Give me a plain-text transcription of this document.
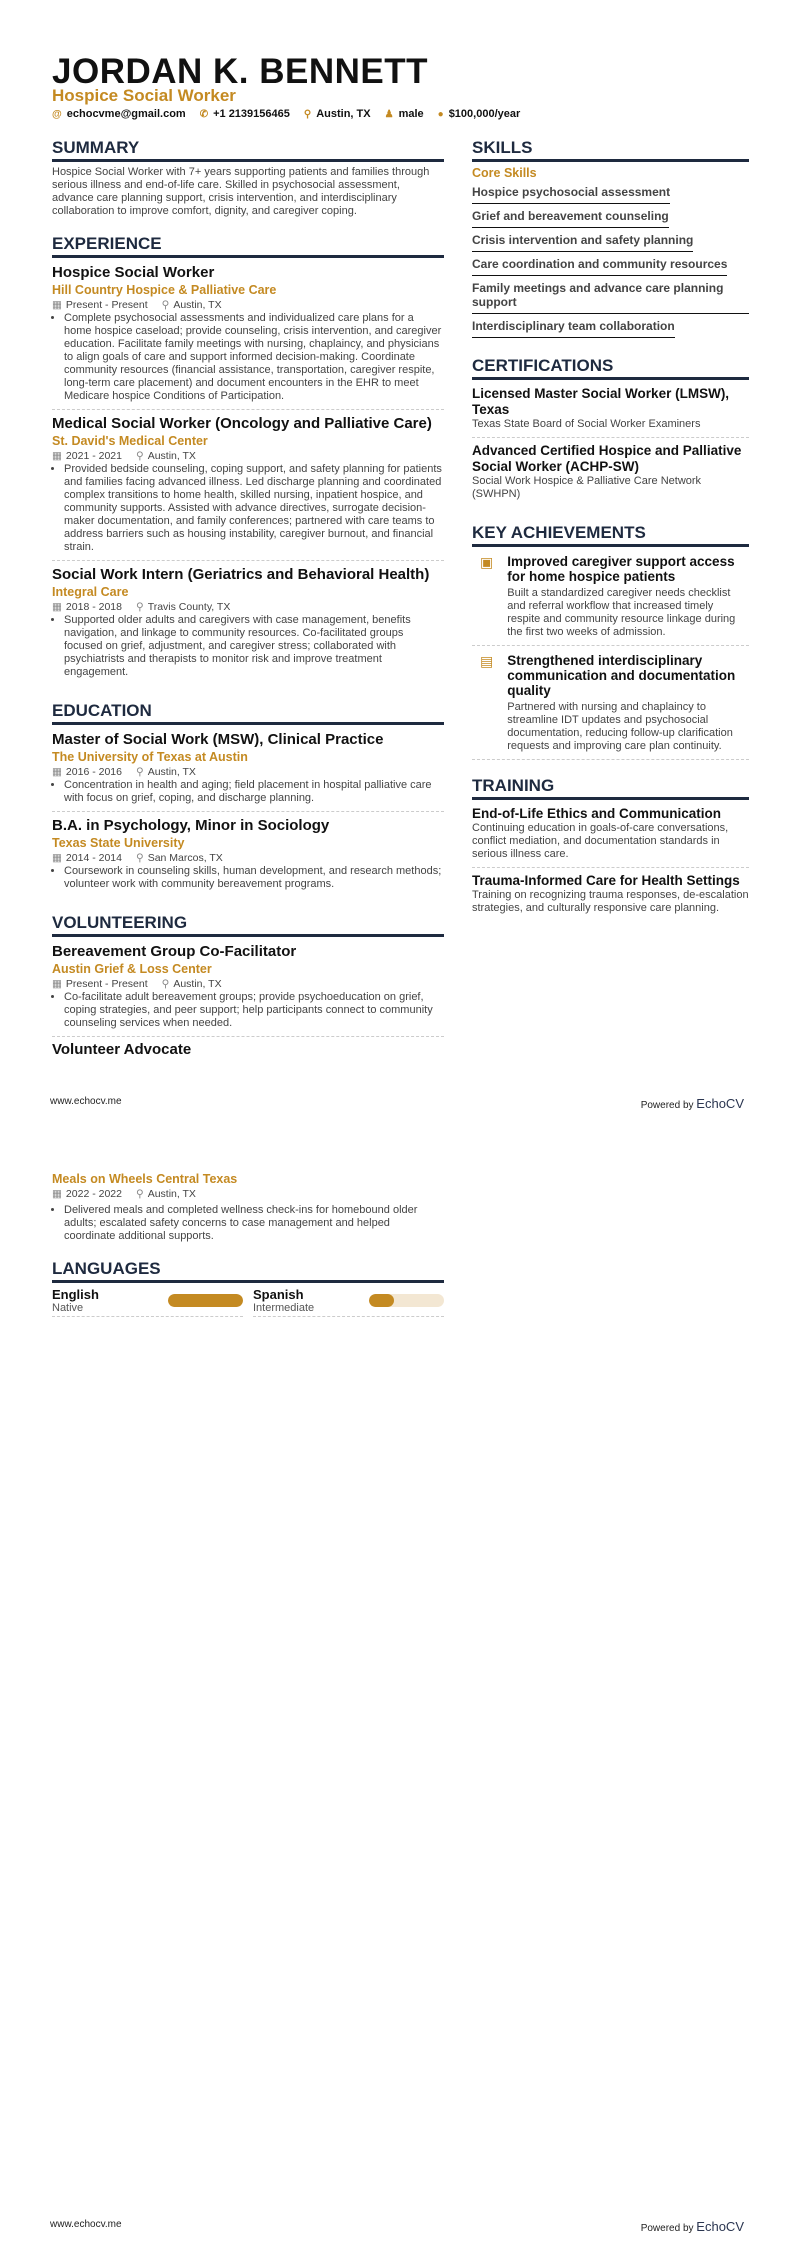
JORDAN K. BENNETT
Hospice Social Worker
@ echocvme@gmail.com ✆ +1 2139156465 ⚲ Austin, TX ♟ male ● $100,000/year
SUMMARY

Hospice Social Worker with 7+ years supporting patients and families through serious illness and end-of-life care. Skilled in psychosocial assessment, advance care planning support, crisis intervention, and interdisciplinary collaboration to improve comfort, dignity, and caregiver coping.

EXPERIENCE
Hospice Social Worker
Hill Country Hospice & Palliative Care
▦ Present - Present ⚲ Austin, TX
• Complete psychosocial assessments and individualized care plans for a home hospice caseload; provide counseling, crisis intervention, and caregiver education. Facilitate family meetings with nursing, chaplaincy, and physicians to align goals of care and support informed decision-making. Coordinate community resources (financial assistance, transportation, caregiver respite, long-term care placement) and document encounters in the EHR to meet Medicare hospice Conditions of Participation.
Medical Social Worker (Oncology and Palliative Care)
St. David's Medical Center
▦ 2021 - 2021 ⚲ Austin, TX
• Provided bedside counseling, coping support, and safety planning for patients and families facing advanced illness. Led discharge planning and coordinated complex transitions to home health, skilled nursing, inpatient hospice, and community supports. Assisted with advance directives, surrogate decision-maker documentation, and family conferences; partnered with care teams to address barriers such as housing instability, caregiver burnout, and financial strain.
Social Work Intern (Geriatrics and Behavioral Health)
Integral Care
▦ 2018 - 2018 ⚲ Travis County, TX
• Supported older adults and caregivers with case management, benefits navigation, and linkage to community resources. Co-facilitated groups focused on grief, adjustment, and caregiver stress; collaborated with psychiatrists and therapists to monitor risk and improve treatment engagement.
EDUCATION
Master of Social Work (MSW), Clinical Practice
The University of Texas at Austin
▦ 2016 - 2016 ⚲ Austin, TX
• Concentration in health and aging; field placement in hospital palliative care with focus on grief, coping, and discharge planning.
B.A. in Psychology, Minor in Sociology
Texas State University
▦ 2014 - 2014 ⚲ San Marcos, TX
• Coursework in counseling skills, human development, and research methods; volunteer work with community bereavement programs.
VOLUNTEERING
Bereavement Group Co-Facilitator
Austin Grief & Loss Center
▦ Present - Present ⚲ Austin, TX
• Co-facilitate adult bereavement groups; provide psychoeducation on grief, coping strategies, and peer support; help participants connect to community counseling services when needed.
Volunteer Advocate
SKILLS
Core Skills
Hospice psychosocial assessment
Grief and bereavement counseling
Crisis intervention and safety planning
Care coordination and community resources
Family meetings and advance care planning support
Interdisciplinary team collaboration
CERTIFICATIONS
Licensed Master Social Worker (LMSW), Texas
Texas State Board of Social Worker Examiners
Advanced Certified Hospice and Palliative Social Worker (ACHP-SW)
Social Work Hospice & Palliative Care Network (SWHPN)
KEY ACHIEVEMENTS
▣ Improved caregiver support access for home hospice patients
Built a standardized caregiver needs checklist and referral workflow that increased timely respite and community resource linkage during the first two weeks of admission.
▤ Strengthened interdisciplinary communication and documentation quality
Partnered with nursing and chaplaincy to streamline IDT updates and psychosocial documentation, reducing follow-up clarification requests and improving care plan continuity.
TRAINING
End-of-Life Ethics and Communication
Continuing education in goals-of-care conversations, conflict mediation, and documentation standards in serious illness care.
Trauma-Informed Care for Health Settings
Training on recognizing trauma responses, de-escalation strategies, and culturally responsive care planning.
www.echocv.me	Powered by EchoCV
Meals on Wheels Central Texas
▦ 2022 - 2022 ⚲ Austin, TX
• Delivered meals and completed wellness check-ins for homebound older adults; escalated safety concerns to case management and helped coordinate additional supports.
LANGUAGES
English
Native
Spanish
Intermediate
www.echocv.me	Powered by EchoCV
